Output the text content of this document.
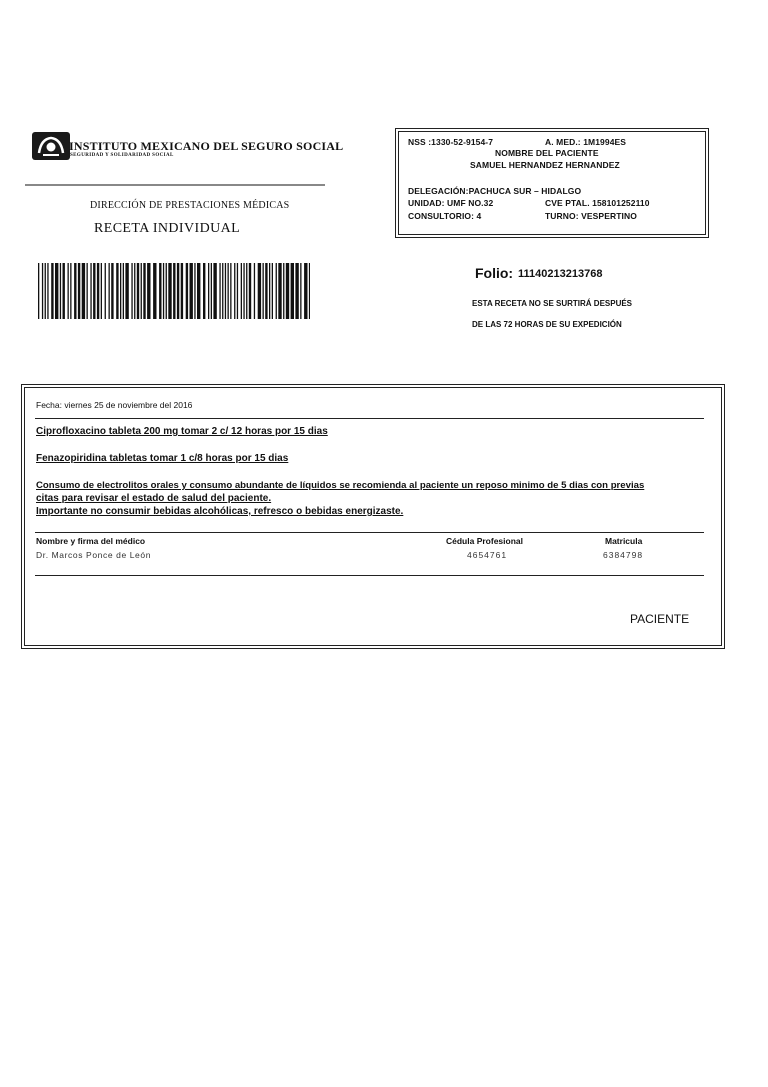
INSTITUTO MEXICANO DEL SEGURO SOCIAL
SEGURIDAD Y SOLIDARIDAD SOCIAL
DIRECCIÓN DE PRESTACIONES MÉDICAS
RECETA INDIVIDUAL
NSS :1330-52-9154-7	A. MED.: 1M1994ES
NOMBRE DEL PACIENTE
SAMUEL HERNANDEZ HERNANDEZ
DELEGACIÓN:PACHUCA SUR – HIDALGO
UNIDAD: UMF NO.32	CVE PTAL. 158101252110
CONSULTORIO: 4	TURNO: VESPERTINO
Folio: 11140213213768
ESTA RECETA NO SE SURTIRÁ DESPUÉS
DE LAS 72 HORAS DE SU EXPEDICIÓN
Fecha: viernes 25 de noviembre del 2016
Ciprofloxacino tableta 200 mg tomar 2 c/ 12 horas por 15 dias
Fenazopiridina tabletas tomar 1 c/8 horas por 15 dias
Consumo de electrolitos orales y consumo abundante de líquidos se recomienda al paciente un reposo minimo de 5 dias con previas
citas para revisar el estado de salud del paciente.
Importante no consumir bebidas alcohólicas, refresco o bebidas energizaste.
Nombre y firma del médico	Cédula Profesional	Matricula
Dr. Marcos Ponce de León	4654761	6384798
PACIENTE
